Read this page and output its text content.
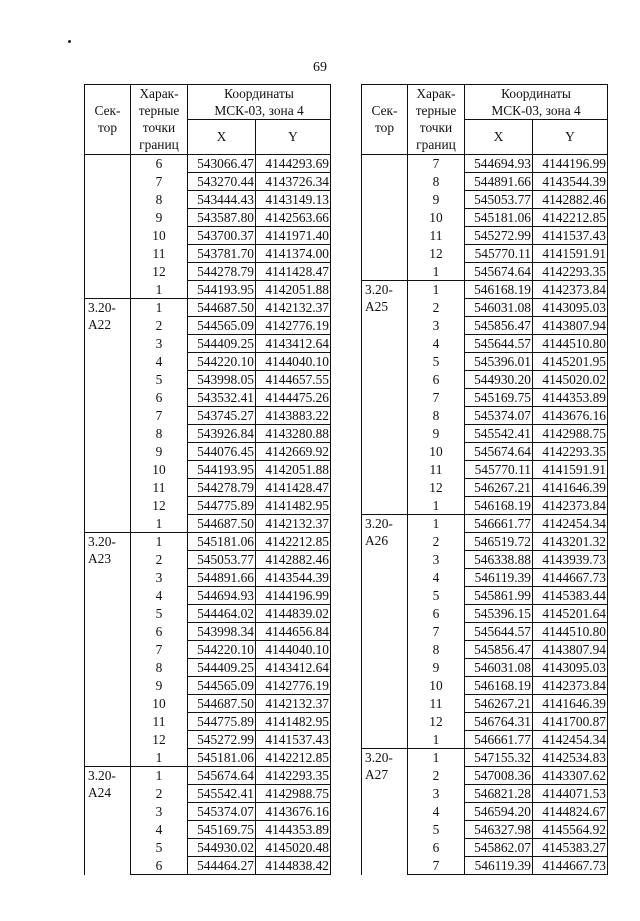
69
Сек-тор	Харак-терные точки границ	Координаты МСК-03, зона 4	
		X	Y
	6	543066.47	4144293.69
	7	543270.44	4143726.34
	8	543444.43	4143149.13
	9	543587.80	4142563.66
	10	543700.37	4141971.40
	11	543781.70	4141374.00
	12	544278.79	4141428.47
	1	544193.95	4142051.88
3.20-А22	1	544687.50	4142132.37
	2	544565.09	4142776.19
	3	544409.25	4143412.64
	4	544220.10	4144040.10
	5	543998.05	4144657.55
	6	543532.41	4144475.26
	7	543745.27	4143883.22
	8	543926.84	4143280.88
	9	544076.45	4142669.92
	10	544193.95	4142051.88
	11	544278.79	4141428.47
	12	544775.89	4141482.95
	1	544687.50	4142132.37
3.20-А23	1	545181.06	4142212.85
	2	545053.77	4142882.46
	3	544891.66	4143544.39
	4	544694.93	4144196.99
	5	544464.02	4144839.02
	6	543998.34	4144656.84
	7	544220.10	4144040.10
	8	544409.25	4143412.64
	9	544565.09	4142776.19
	10	544687.50	4142132.37
	11	544775.89	4141482.95
	12	545272.99	4141537.43
	1	545181.06	4142212.85
3.20-А24	1	545674.64	4142293.35
	2	545542.41	4142988.75
	3	545374.07	4143676.16
	4	545169.75	4144353.89
	5	544930.02	4145020.48
	6	544464.27	4144838.42
Сек-тор	Харак-терные точки границ	Координаты МСК-03, зона 4	
		X	Y
	7	544694.93	4144196.99
	8	544891.66	4143544.39
	9	545053.77	4142882.46
	10	545181.06	4142212.85
	11	545272.99	4141537.43
	12	545770.11	4141591.91
	1	545674.64	4142293.35
3.20-А25	1	546168.19	4142373.84
	2	546031.08	4143095.03
	3	545856.47	4143807.94
	4	545644.57	4144510.80
	5	545396.01	4145201.95
	6	544930.20	4145020.02
	7	545169.75	4144353.89
	8	545374.07	4143676.16
	9	545542.41	4142988.75
	10	545674.64	4142293.35
	11	545770.11	4141591.91
	12	546267.21	4141646.39
	1	546168.19	4142373.84
3.20-А26	1	546661.77	4142454.34
	2	546519.72	4143201.32
	3	546338.88	4143939.73
	4	546119.39	4144667.73
	5	545861.99	4145383.44
	6	545396.15	4145201.64
	7	545644.57	4144510.80
	8	545856.47	4143807.94
	9	546031.08	4143095.03
	10	546168.19	4142373.84
	11	546267.21	4141646.39
	12	546764.31	4141700.87
	1	546661.77	4142454.34
3.20-А27	1	547155.32	4142534.83
	2	547008.36	4143307.62
	3	546821.28	4144071.53
	4	546594.20	4144824.67
	5	546327.98	4145564.92
	6	545862.07	4145383.27
	7	546119.39	4144667.73
